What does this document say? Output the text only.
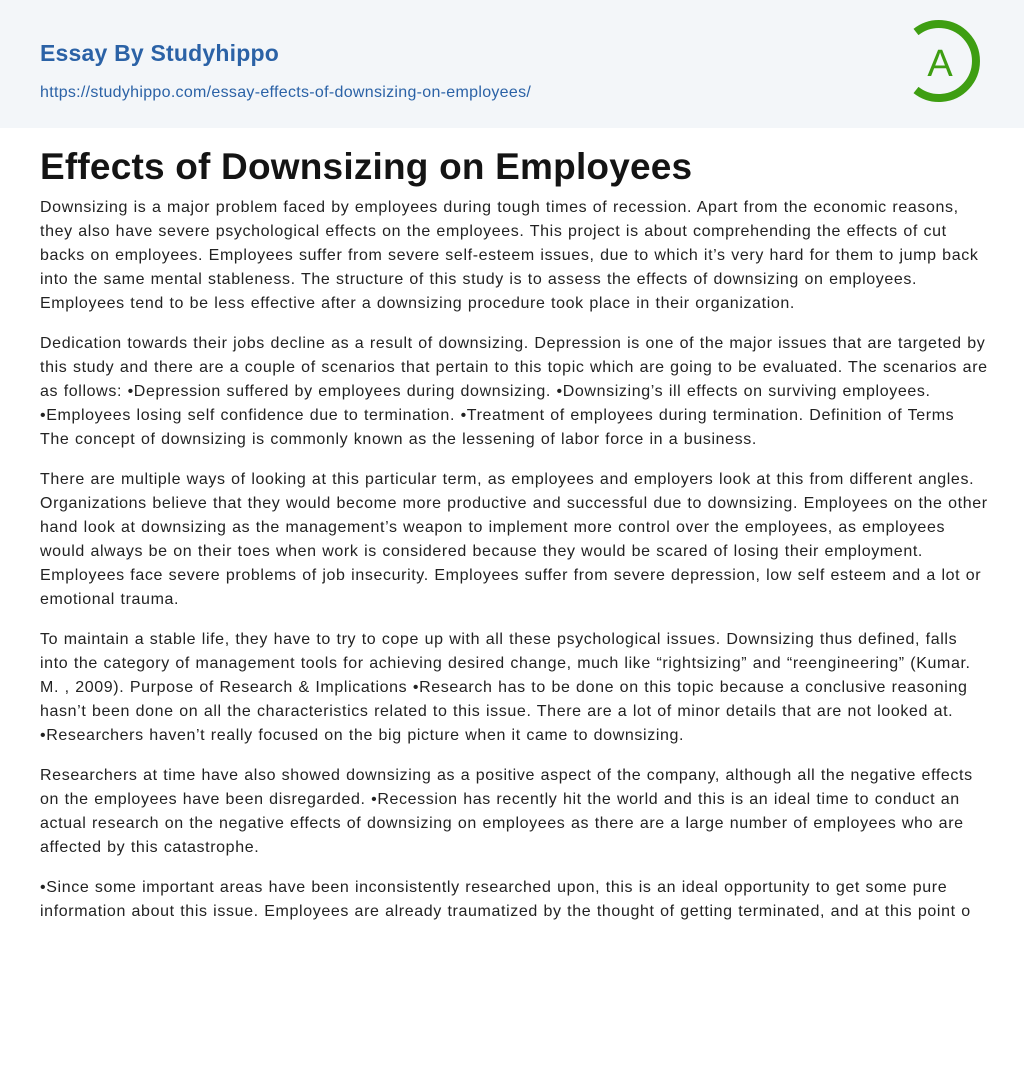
Essay By Studyhippo
https://studyhippo.com/essay-effects-of-downsizing-on-employees/
A
Effects of Downsizing on Employees

Downsizing is a major problem faced by employees during tough times of recession. Apart from the economic reasons, they also have severe psychological effects on the employees. This project is about comprehending the effects of cut backs on employees. Employees suffer from severe self-esteem issues, due to which it’s very hard for them to jump back into the same mental stableness. The structure of this study is to assess the effects of downsizing on employees. Employees tend to be less effective after a downsizing procedure took place in their organization.

Dedication towards their jobs decline as a result of downsizing. Depression is one of the major issues that are targeted by this study and there are a couple of scenarios that pertain to this topic which are going to be evaluated. The scenarios are as follows: •Depression suffered by employees during downsizing. •Downsizing’s ill effects on surviving employees. •Employees losing self confidence due to termination. •Treatment of employees during termination. Definition of Terms The concept of downsizing is commonly known as the lessening of labor force in a business.

There are multiple ways of looking at this particular term, as employees and employers look at this from different angles. Organizations believe that they would become more productive and successful due to downsizing. Employees on the other hand look at downsizing as the management’s weapon to implement more control over the employees, as employees would always be on their toes when work is considered because they would be scared of losing their employment. Employees face severe problems of job insecurity. Employees suffer from severe depression, low self esteem and a lot or emotional trauma.

To maintain a stable life, they have to try to cope up with all these psychological issues. Downsizing thus defined, falls into the category of management tools for achieving desired change, much like “rightsizing” and “reengineering” (Kumar. M. , 2009). Purpose of Research & Implications •Research has to be done on this topic because a conclusive reasoning hasn’t been done on all the characteristics related to this issue. There are a lot of minor details that are not looked at. •Researchers haven’t really focused on the big picture when it came to downsizing.

Researchers at time have also showed downsizing as a positive aspect of the company, although all the negative effects on the employees have been disregarded. •Recession has recently hit the world and this is an ideal time to conduct an actual research on the negative effects of downsizing on employees as there are a large number of employees who are affected by this catastrophe.

•Since some important areas have been inconsistently researched upon, this is an ideal opportunity to get some pure information about this issue. Employees are already traumatized by the thought of getting terminated, and at this point o
